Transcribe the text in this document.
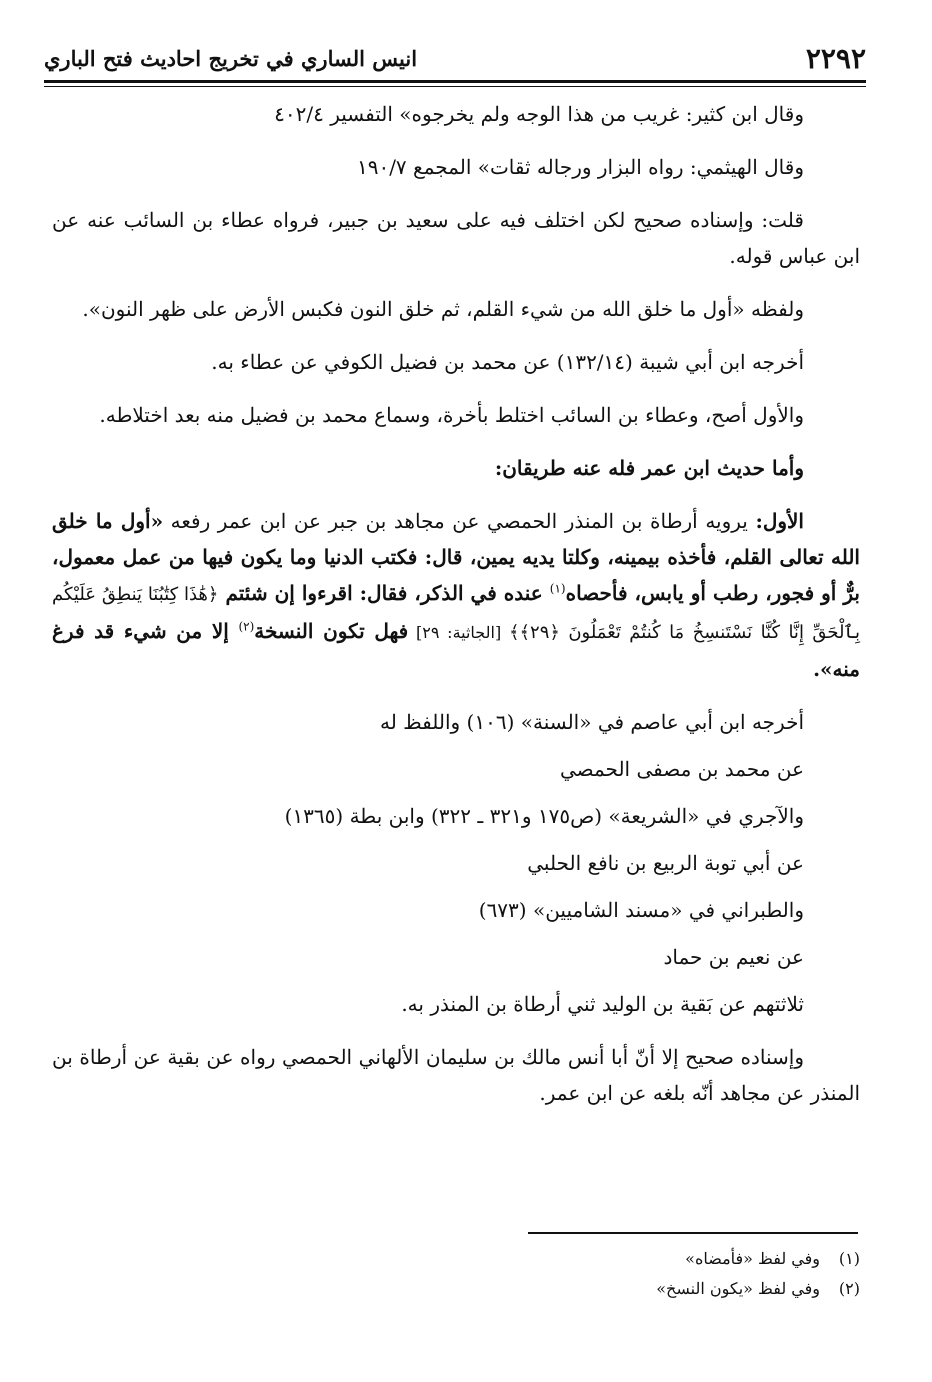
٢٢٩٢
انيس الساري في تخريج احاديث فتح الباري

وقال ابن كثير: غريب من هذا الوجه ولم يخرجوه» التفسير ٤٠٢/٤

وقال الهيثمي: رواه البزار ورجاله ثقات» المجمع ١٩٠/٧

قلت: وإسناده صحيح لكن اختلف فيه على سعيد بن جبير، فرواه عطاء بن السائب عنه عن ابن عباس قوله.

ولفظه «أول ما خلق الله من شيء القلم، ثم خلق النون فكبس الأرض على ظهر النون».

أخرجه ابن أبي شيبة (١٣٢/١٤) عن محمد بن فضيل الكوفي عن عطاء به.

والأول أصح، وعطاء بن السائب اختلط بأخرة، وسماع محمد بن فضيل منه بعد اختلاطه.

وأما حديث ابن عمر فله عنه طريقان:

الأول: يرويه أرطاة بن المنذر الحمصي عن مجاهد بن جبر عن ابن عمر رفعه «أول ما خلق الله تعالى القلم، فأخذه بيمينه، وكلتا يديه يمين، قال: فكتب الدنيا وما يكون فيها من عمل معمول، برٌّ أو فجور، رطب أو يابس، فأحصاه$^{(١)}$ عنده في الذكر، فقال: اقرءوا إن شئتم ﴿هَٰذَا كِتَٰبُنَا يَنطِقُ عَلَيْكُم بِٱلْحَقِّ إِنَّا كُنَّا نَسْتَنسِخُ مَا كُنتُمْ تَعْمَلُونَ ﴿٢٩﴾﴾ [الجاثية: ٢٩] فهل تكون النسخة$^{(٢)}$ إلا من شيء قد فرغ منه».

أخرجه ابن أبي عاصم في «السنة» (١٠٦) واللفظ له

عن محمد بن مصفى الحمصي

والآجري في «الشريعة» (ص١٧٥ و٣٢١ ـ ٣٢٢) وابن بطة (١٣٦٥)

عن أبي توبة الربيع بن نافع الحلبي

والطبراني في «مسند الشاميين» (٦٧٣)

عن نعيم بن حماد

ثلاثتهم عن بَقية بن الوليد ثني أرطاة بن المنذر به.

وإسناده صحيح إلا أنّ أبا أنس مالك بن سليمان الألهاني الحمصي رواه عن بقية عن أرطاة بن المنذر عن مجاهد أنّه بلغه عن ابن عمر.

(١)وفي لفظ «فأمضاه»
(٢)وفي لفظ «يكون النسخ»
